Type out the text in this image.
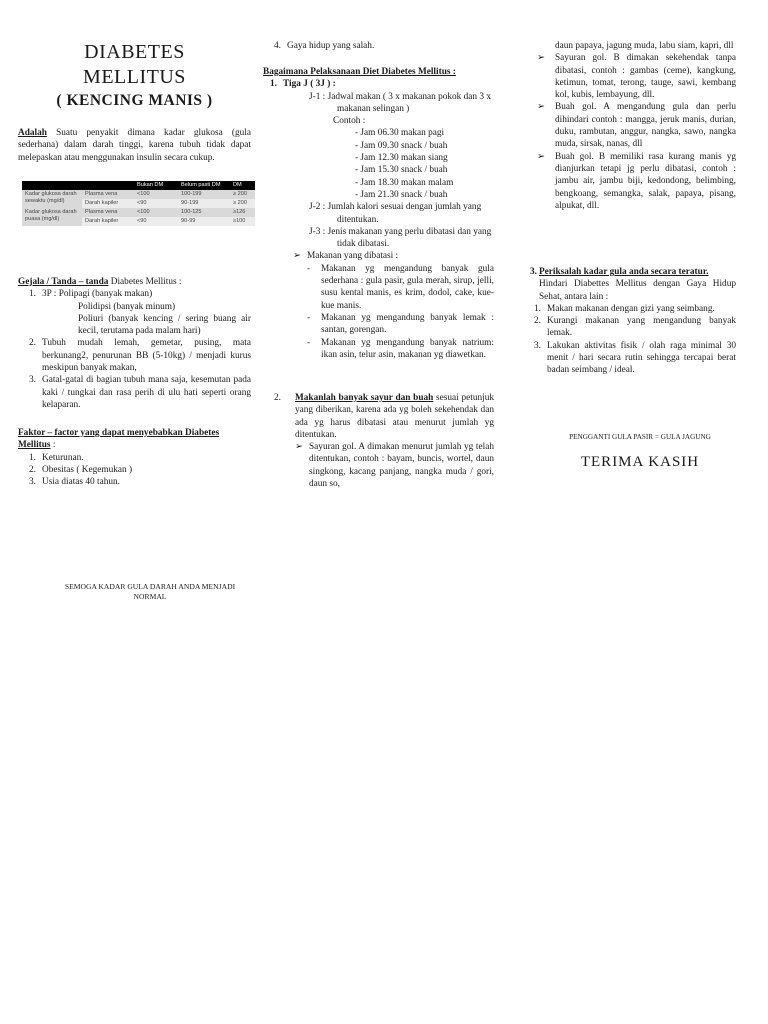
DIABETES
MELLITUS
( KENCING MANIS )
Adalah Suatu penyakit dimana kadar glukosa (gula sederhana) dalam darah tinggi, karena tubuh tidak dapat melepaskan atau menggunakan insulin secara cukup.
		Bukan DM	Belum pasti DM	DM
Kadar glukosa darah sewaktu (mg/dl)	Plasma vena	<100	100-199	≥ 200
	Darah kapiler	<90	90-199	≥ 200
Kadar glukosa darah puasa (mg/dl)	Plasma vena	<100	100-125	≥126
	Darah kapiler	<90	90-99	≥100

Gejala / Tanda – tanda Diabetes Mellitus :

1. 3P : Polipagi (banyak makan)
Polidipsi (banyak minum)

Poliuri (banyak kencing / sering buang air kecil, terutama pada malam hari)
2. Tubuh mudah lemah, gemetar, pusing, mata berkunang2, penurunan BB (5-10kg) / menjadi kurus meskipun banyak makan,
3. Gatal-gatal di bagian tubuh mana saja, kesemutan pada kaki / tungkai dan rasa perih di ulu hati seperti orang kelaparan.

Faktor – factor yang dapat menyebabkan Diabetes Mellitus :

1. Keturunan.
2. Obesitas ( Kegemukan )
3. Usia diatas 40 tahun.
SEMOGA KADAR GULA DARAH ANDA MENJADI NORMAL
4. Gaya hidup yang salah.

Bagaimana Pelaksanaan Diet Diabetes Mellitus :

1. Tiga J ( 3J ) :
J-1 : Jadwal makan ( 3 x makanan pokok dan 3 x makanan selingan )
Contoh :
- Jam 06.30 makan pagi
- Jam 09.30 snack / buah
- Jam 12.30 makan siang
- Jam 15.30 snack / buah
- Jam 18.30 makan malam
- Jam 21.30 snack / buah
J-2 : Jumlah kalori sesuai dengan jumlah yang ditentukan.
J-3 : Jenis makanan yang perlu dibatasi dan yang tidak dibatasi.
➢ Makanan yang dibatasi :
-	Makanan yg mengandung banyak gula sederhana : gula pasir, gula merah, sirup, jelli, susu kental manis, es krim, dodol, cake, kue-kue manis.
-	Makanan yg mengandung banyak lemak : santan, gorengan.
-	Makanan yg mengandung banyak natrium: ikan asin, telur asin, makanan yg diawetkan.
2.	Makanlah banyak sayur dan buah sesuai petunjuk yang diberikan, karena ada yg boleh sekehendak dan ada yg harus dibatasi atau menurut jumlah yg ditentukan.
➢ Sayuran gol. A dimakan menurut jumlah yg telah ditentukan, contoh : bayam, buncis, wortel, daun singkong, kacang panjang, nangka muda / gori, daun so,
daun papaya, jagung muda, labu siam, kapri, dll
➢	Sayuran gol. B dimakan sekehendak tanpa dibatasi, contoh : gambas (ceme), kangkung, ketimun, tomat, terong, tauge, sawi, kembang kol, kubis, lembayung, dll.
➢	Buah gol. A mengandung gula dan perlu dihindari contoh : mangga, jeruk manis, durian, duku, rambutan, anggur, nangka, sawo, nangka muda, sirsak, nanas, dll
➢	Buah gol. B memiliki rasa kurang manis yg dianjurkan tetapi jg perlu dibatasi, contoh : jambu air, jambu biji, kedondong, belimbing, bengkoang, semangka, salak, papaya, pisang, alpukat, dll.
3. Periksalah kadar gula anda secara teratur.
Hindari Diabettes Mellitus dengan Gaya Hidup Sehat, antara lain :
1. Makan makanan dengan gizi yang seimbang.
2. Kurangi makanan yang mengandung banyak lemak.
3. Lakukan aktivitas fisik / olah raga minimal 30 menit / hari secara rutin sehingga tercapai berat badan seimbang / ideal.
PENGGANTI GULA PASIR = GULA JAGUNG
TERIMA KASIH
